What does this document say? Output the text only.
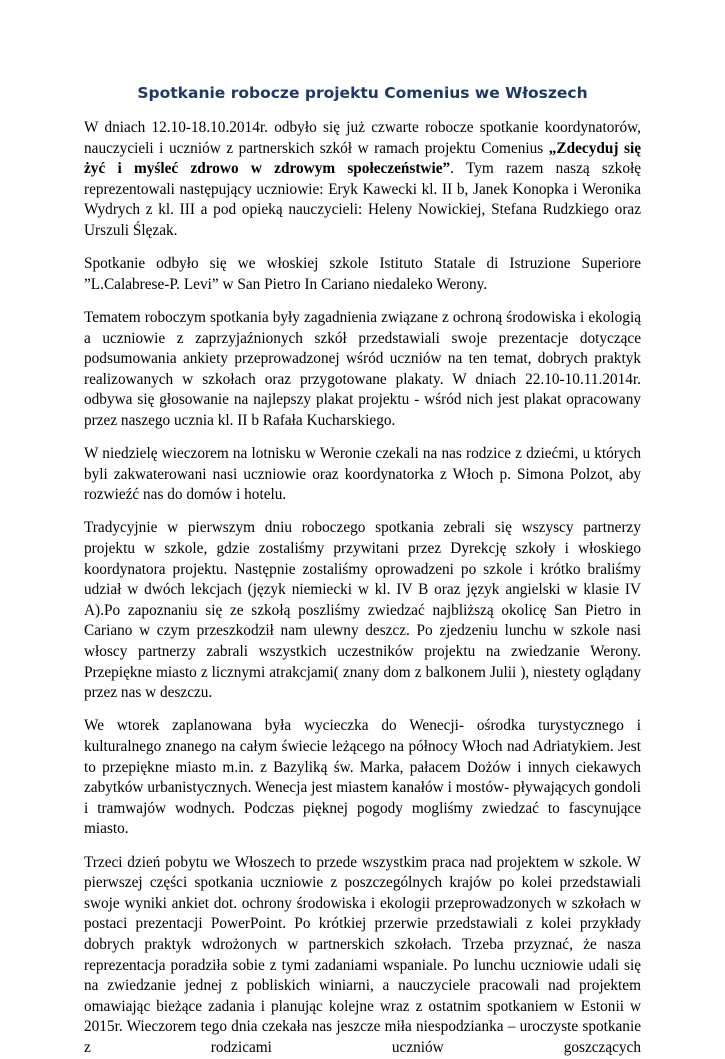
Spotkanie robocze projektu Comenius we Włoszech

W dniach 12.10-18.10.2014r. odbyło się już czwarte robocze spotkanie koordynatorów, nauczycieli i uczniów z partnerskich szkół w ramach projektu Comenius „Zdecyduj się żyć i myśleć zdrowo w zdrowym społeczeństwie”. Tym razem naszą szkołę reprezentowali następujący uczniowie: Eryk Kawecki kl. II b, Janek Konopka i Weronika Wydrych z kl. III a pod opieką nauczycieli: Heleny Nowickiej, Stefana Rudzkiego oraz Urszuli Ślęzak.

Spotkanie odbyło się we włoskiej szkole Istituto Statale di Istruzione Superiore ”L.Calabrese-P. Levi” w San Pietro In Cariano niedaleko Werony.

Tematem roboczym spotkania były zagadnienia związane z ochroną środowiska i ekologią a uczniowie z zaprzyjaźnionych szkół przedstawiali swoje prezentacje dotyczące podsumowania ankiety przeprowadzonej wśród uczniów na ten temat, dobrych praktyk realizowanych w szkołach oraz przygotowane plakaty. W dniach 22.10-10.11.2014r. odbywa się głosowanie na najlepszy plakat projektu - wśród nich jest plakat opracowany przez naszego ucznia kl. II b Rafała Kucharskiego.

W niedzielę wieczorem na lotnisku w Weronie czekali na nas rodzice z dziećmi, u których byli zakwaterowani nasi uczniowie oraz koordynatorka z Włoch p. Simona Polzot, aby rozwieźć nas do domów i hotelu.

Tradycyjnie w pierwszym dniu roboczego spotkania zebrali się wszyscy partnerzy projektu w szkole, gdzie zostaliśmy przywitani przez Dyrekcję szkoły i włoskiego koordynatora projektu. Następnie zostaliśmy oprowadzeni po szkole i krótko braliśmy udział w dwóch lekcjach (język niemiecki w kl. IV B oraz język angielski w klasie IV A).Po zapoznaniu się ze szkołą poszliśmy zwiedzać najbliższą okolicę San Pietro in Cariano w czym przeszkodził nam ulewny deszcz. Po zjedzeniu lunchu w szkole nasi włoscy partnerzy zabrali wszystkich uczestników projektu na zwiedzanie Werony. Przepiękne miasto z licznymi atrakcjami( znany dom z balkonem Julii ), niestety oglądany przez nas w deszczu.

We wtorek zaplanowana była wycieczka do Wenecji- ośrodka turystycznego i kulturalnego znanego na całym świecie leżącego na północy Włoch nad Adriatykiem. Jest to przepiękne miasto m.in. z Bazyliką św. Marka, pałacem Dożów i innych ciekawych zabytków urbanistycznych. Wenecja jest miastem kanałów i mostów- pływających gondoli i tramwajów wodnych. Podczas pięknej pogody mogliśmy zwiedzać to fascynujące miasto.

Trzeci dzień pobytu we Włoszech to przede wszystkim praca nad projektem w szkole. W pierwszej części spotkania uczniowie z poszczególnych krajów po kolei przedstawiali swoje wyniki ankiet dot. ochrony środowiska i ekologii przeprowadzonych w szkołach w postaci prezentacji PowerPoint. Po krótkiej przerwie przedstawiali z kolei przykłady dobrych praktyk wdrożonych w partnerskich szkołach. Trzeba przyznać, że nasza reprezentacja poradziła sobie z tymi zadaniami wspaniale. Po lunchu uczniowie udali się na zwiedzanie jednej z pobliskich winiarni, a nauczyciele pracowali nad projektem omawiając bieżące zadania i planując kolejne wraz z ostatnim spotkaniem w Estonii w 2015r. Wieczorem tego dnia czekała nas jeszcze miła niespodzianka – uroczyste spotkanie z rodzicami uczniów goszczących
